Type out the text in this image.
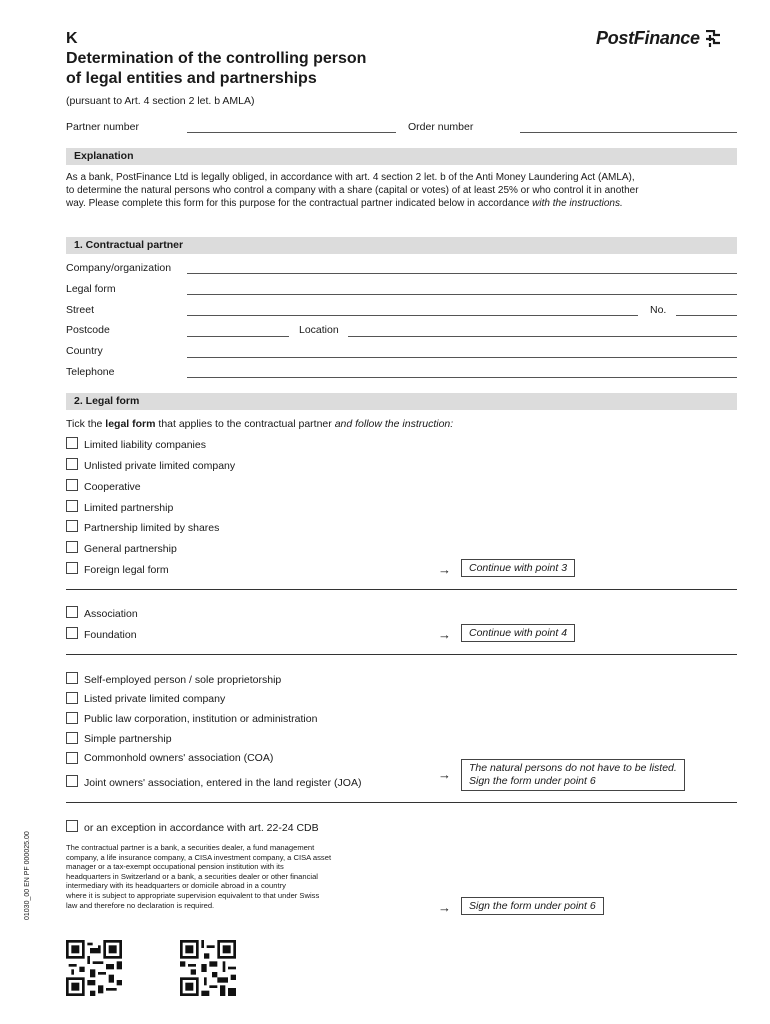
K
Determination of the controlling person
of legal entities and partnerships
(pursuant to Art. 4 section 2 let. b AMLA)
PostFinance
Partner number	Order number
Explanation
As a bank, PostFinance Ltd is legally obliged, in accordance with art. 4 section 2 let. b of the Anti Money Laundering Act (AMLA),
to determine the natural persons who control a company with a share (capital or votes) of at least 25% or who control it in another
way. Please complete this form for this purpose for the contractual partner indicated below in accordance with the instructions.
1. Contractual partner
Company/organization
Legal form
Street	No.
Postcode	Location
Country
Telephone
2. Legal form
Tick the legal form that applies to the contractual partner and follow the instruction:
Limited liability companies
Unlisted private limited company
Cooperative
Limited partnership
Partnership limited by shares
General partnership
Foreign legal form	→	Continue with point 3
Association
Foundation	→	Continue with point 4
Self-employed person / sole proprietorship
Listed private limited company
Public law corporation, institution or administration
Simple partnership
Commonhold owners' association (COA)
Joint owners' association, entered in the land register (JOA)
→ The natural persons do not have to be listed.
Sign the form under point 6
or an exception in accordance with art. 22-24 CDB
The contractual partner is a bank, a securities dealer, a fund management
company, a life insurance company, a CISA investment company, a CISA asset
manager or a tax-exempt occupational pension institution with its
headquarters in Switzerland or a bank, a securities dealer or other financial
intermediary with its headquarters or domicile abroad in a country
where it is subject to appropriate supervision equivalent to that under Swiss
law and therefore no declaration is required.	→	Sign the form under point 6
01030_00 EN PF 000025.00
